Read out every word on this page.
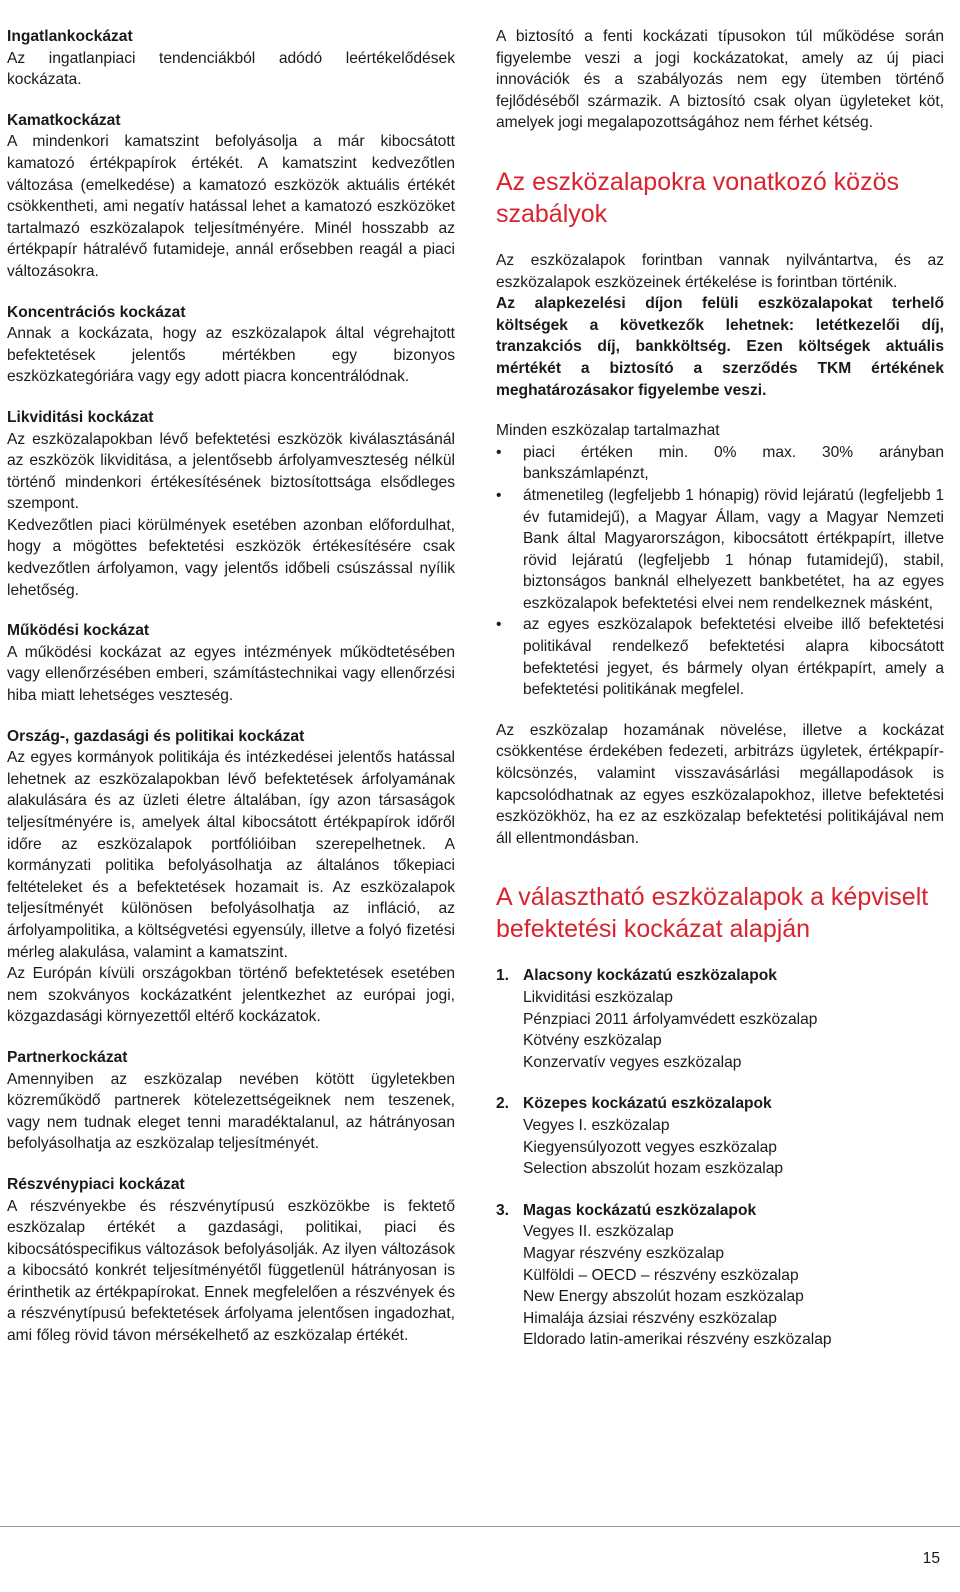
Ingatlankockázat

Az ingatlanpiaci tendenciákból adódó leértékelődések kockázata.

Kamatkockázat

A mindenkori kamatszint befolyásolja a már kibocsátott kamatozó értékpapírok értékét. A kamatszint kedvezőtlen változása (emelkedése) a kamatozó eszközök aktuális értékét csökkentheti, ami negatív hatással lehet a kamatozó eszközöket tartalmazó eszközalapok teljesítményére. Minél hosszabb az értékpapír hátralévő futamideje, annál erősebben reagál a piaci változásokra.

Koncentrációs kockázat

Annak a kockázata, hogy az eszközalapok által végrehajtott befektetések jelentős mértékben egy bizonyos eszközkategóriára vagy egy adott piacra koncentrálódnak.

Likviditási kockázat

Az eszközalapokban lévő befektetési eszközök kiválasztásánál az eszközök likviditása, a jelentősebb árfolyamveszteség nélkül történő mindenkori értékesítésének biztosítottsága elsődleges szempont.

Kedvezőtlen piaci körülmények esetében azonban előfordulhat, hogy a mögöttes befektetési eszközök értékesítésére csak kedvezőtlen árfolyamon, vagy jelentős időbeli csúszással nyílik lehetőség.

Működési kockázat

A működési kockázat az egyes intézmények működtetésében vagy ellenőrzésében emberi, számítástechnikai vagy ellenőrzési hiba miatt lehetséges veszteség.

Ország-, gazdasági és politikai kockázat

Az egyes kormányok politikája és intézkedései jelentős hatással lehetnek az eszközalapokban lévő befektetések árfolyamának alakulására és az üzleti életre általában, így azon társaságok teljesítményére is, amelyek által kibocsátott értékpapírok időről időre az eszközalapok portfólióiban szerepelhetnek. A kormányzati politika befolyásolhatja az általános tőkepiaci feltételeket és a befektetések hozamait is. Az eszközalapok teljesítményét különösen befolyásolhatja az infláció, az árfolyampolitika, a költségvetési egyensúly, illetve a folyó fizetési mérleg alakulása, valamint a kamatszint.

Az Európán kívüli országokban történő befektetések esetében nem szokványos kockázatként jelentkezhet az európai jogi, közgazdasági környezettől eltérő kockázatok.

Partnerkockázat

Amennyiben az eszközalap nevében kötött ügyletekben közreműködő partnerek kötelezettségeiknek nem teszenek, vagy nem tudnak eleget tenni maradéktalanul, az hátrányosan befolyásolhatja az eszközalap teljesítményét.

Részvénypiaci kockázat

A részvényekbe és részvénytípusú eszközökbe is fektető eszközalap értékét a gazdasági, politikai, piaci és kibocsátóspecifikus változások befolyásolják. Az ilyen változások a kibocsátó konkrét teljesítményétől függetlenül hátrányosan is érinthetik az értékpapírokat. Ennek megfelelően a részvények és a részvénytípusú befektetések árfolyama jelentősen ingadozhat, ami főleg rövid távon mérsékelhető az eszközalap értékét.

A biztosító a fenti kockázati típusokon túl működése során figyelembe veszi a jogi kockázatokat, amely az új piaci innovációk és a szabályozás nem egy ütemben történő fejlődéséből származik. A biztosító csak olyan ügyleteket köt, amelyek jogi megalapozottságához nem férhet kétség.

Az eszközalapokra vonatkozó közös szabályok

Az eszközalapok forintban vannak nyilvántartva, és az eszközalapok eszközeinek értékelése is forintban történik.

Az alapkezelési díjon felüli eszközalapokat terhelő költségek a következők lehetnek: letétkezelői díj, tranzakciós díj, bankköltség. Ezen költségek aktuális mértékét a biztosító a szerződés TKM értékének meghatározásakor figyelembe veszi.

Minden eszközalap tartalmazhat

• piaci értéken min. 0% max. 30% arányban bankszámlapénzt,
• átmenetileg (legfeljebb 1 hónapig) rövid lejáratú (legfeljebb 1 év futamidejű), a Magyar Állam, vagy a Magyar Nemzeti Bank által Magyarországon, kibocsátott értékpapírt, illetve rövid lejáratú (legfeljebb 1 hónap futamidejű), stabil, biztonságos banknál elhelyezett bankbetétet, ha az egyes eszközalapok befektetési elvei nem rendelkeznek másként,
• az egyes eszközalapok befektetési elveibe illő befektetési politikával rendelkező befektetési alapra kibocsátott befektetési jegyet, és bármely olyan értékpapírt, amely a befektetési politikának megfelel.

Az eszközalap hozamának növelése, illetve a kockázat csökkentése érdekében fedezeti, arbitrázs ügyletek, értékpapír-kölcsönzés, valamint visszavásárlási megállapodások is kapcsolódhatnak az egyes eszközalapokhoz, illetve befektetési eszközökhöz, ha ez az eszközalap befektetési politikájával nem áll ellentmondásban.

A választható eszközalapok a képviselt befektetési kockázat alapján
1. Alacsony kockázatú eszközalapok
Likviditási eszközalap
Pénzpiaci 2011 árfolyamvédett eszközalap
Kötvény eszközalap
Konzervatív vegyes eszközalap
2. Közepes kockázatú eszközalapok
Vegyes I. eszközalap
Kiegyensúlyozott vegyes eszközalap
Selection abszolút hozam eszközalap
3. Magas kockázatú eszközalapok
Vegyes II. eszközalap
Magyar részvény eszközalap
Külföldi – OECD – részvény eszközalap
New Energy abszolút hozam eszközalap
Himalája ázsiai részvény eszközalap
Eldorado latin-amerikai részvény eszközalap
15
